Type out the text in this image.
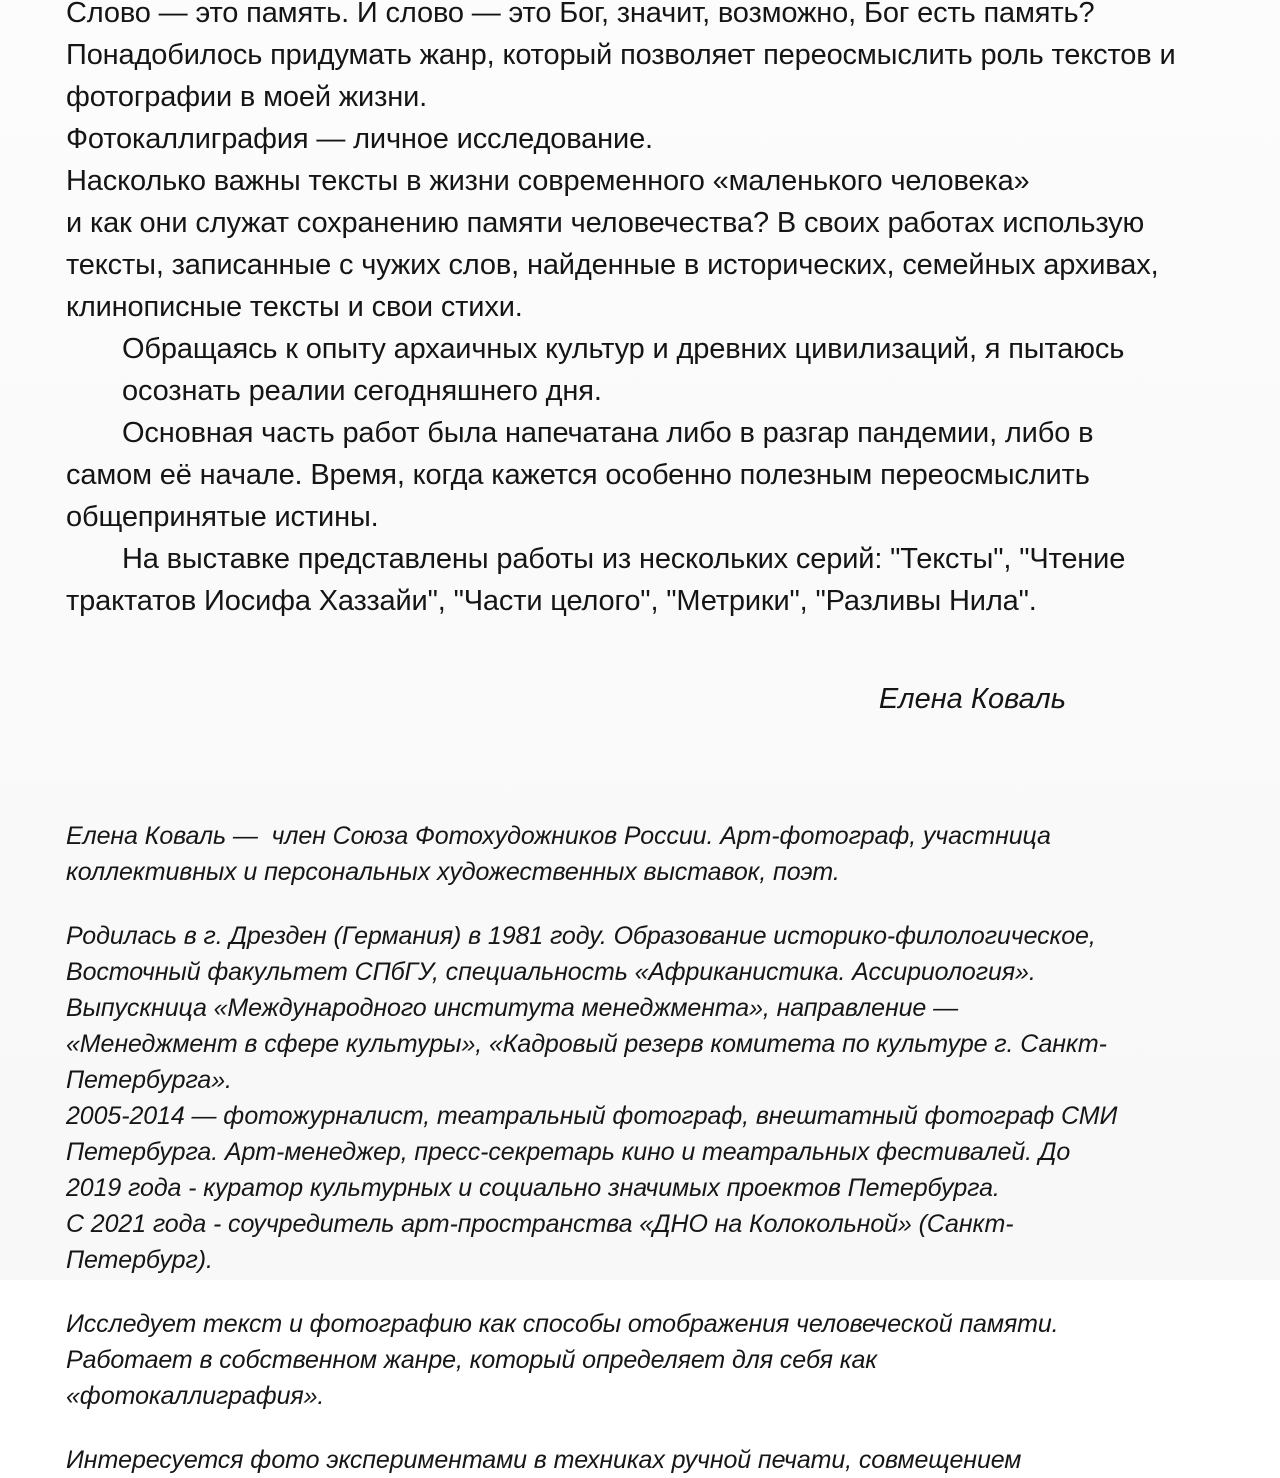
Слово — это память. И слово — это Бог, значит, возможно, Бог есть память?
Понадобилось придумать жанр, который позволяет переосмыслить роль текстов и
фотографии в моей жизни.
Фотокаллиграфия — личное исследование.
Насколько важны тексты в жизни современного «маленького человека»
и как они служат сохранению памяти человечества? В своих работах использую
тексты, записанные с чужих слов, найденные в исторических, семейных архивах,
клинописные тексты и свои стихи.

Обращаясь к опыту архаичных культур и древних цивилизаций, я пытаюсь
осознать реалии сегодняшнего дня.

Основная часть работ была напечатана либо в разгар пандемии, либо в
самом её начале. Время, когда кажется особенно полезным переосмыслить
общепринятые истины.

На выставке представлены работы из нескольких серий: "Тексты", "Чтение
трактатов Иосифа Хаззайи", "Части целого", "Метрики", "Разливы Нила".

Елена Коваль

Елена Коваль —  член Союза Фотохудожников России. Арт-фотограф, участница
коллективных и персональных художественных выставок, поэт.

Родилась в г. Дрезден (Германия) в 1981 году. Образование историко-филологическое,
Восточный факультет СПбГУ, специальность «Африканистика. Ассириология».
Выпускница «Международного института менеджмента», направление —
«Менеджмент в сфере культуры», «Кадровый резерв комитета по культуре г. Санкт-
Петербурга».
2005-2014 — фотожурналист, театральный фотограф, внештатный фотограф СМИ
Петербурга. Арт-менеджер, пресс-секретарь кино и театральных фестивалей. До
2019 года - куратор культурных и социально значимых проектов Петербурга.
С 2021 года - соучредитель арт-пространства «ДНО на Колокольной» (Санкт-
Петербург).

Исследует текст и фотографию как способы отображения человеческой памяти.
Работает в собственном жанре, который определяет для себя как
«фотокаллиграфия».

Интересуется фото экспериментами в техниках ручной печати, совмещением
